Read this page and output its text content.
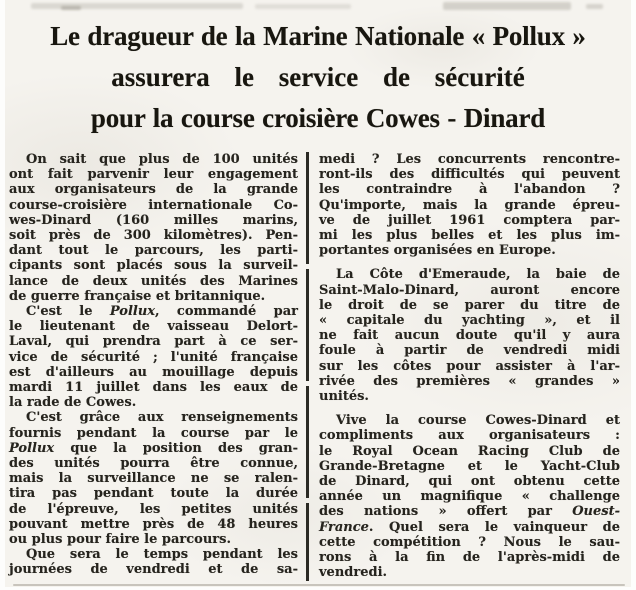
Le dragueur de la Marine Nationale « Pollux »
assurera le service de sécurité
pour la course croisière Cowes - Dinard
On sait que plus de 100 unités
ont fait parvenir leur engagement
aux organisateurs de la grande
course-croisière internationale Co-
wes-Dinard (160 milles marins,
soit près de 300 kilomètres). Pen-
dant tout le parcours, les parti-
cipants sont placés sous la surveil-
lance de deux unités des Marines
de guerre française et britannique.
C'est le Pollux, commandé par
le lieutenant de vaisseau Delort-
Laval, qui prendra part à ce ser-
vice de sécurité ; l'unité française
est d'ailleurs au mouillage depuis
mardi 11 juillet dans les eaux de
la rade de Cowes.
C'est grâce aux renseignements
fournis pendant la course par le
Pollux que la position des gran-
des unités pourra être connue,
mais la surveillance ne se ralen-
tira pas pendant toute la durée
de l'épreuve, les petites unités
pouvant mettre près de 48 heures
ou plus pour faire le parcours.
Que sera le temps pendant les
journées de vendredi et de sa-
medi ? Les concurrents rencontre-
ront-ils des difficultés qui peuvent
les contraindre à l'abandon ?
Qu'importe, mais la grande épreu-
ve de juillet 1961 comptera par-
mi les plus belles et les plus im-
portantes organisées en Europe.
La Côte d'Emeraude, la baie de
Saint-Malo-Dinard, auront encore
le droit de se parer du titre de
« capitale du yachting », et il
ne fait aucun doute qu'il y aura
foule à partir de vendredi midi
sur les côtes pour assister à l'ar-
rivée des premières « grandes »
unités.
Vive la course Cowes-Dinard et
compliments aux organisateurs :
le Royal Ocean Racing Club de
Grande-Bretagne et le Yacht-Club
de Dinard, qui ont obtenu cette
année un magnifique « challenge
des nations » offert par Ouest-
France. Quel sera le vainqueur de
cette compétition ? Nous le sau-
rons à la fin de l'après-midi de
vendredi.
